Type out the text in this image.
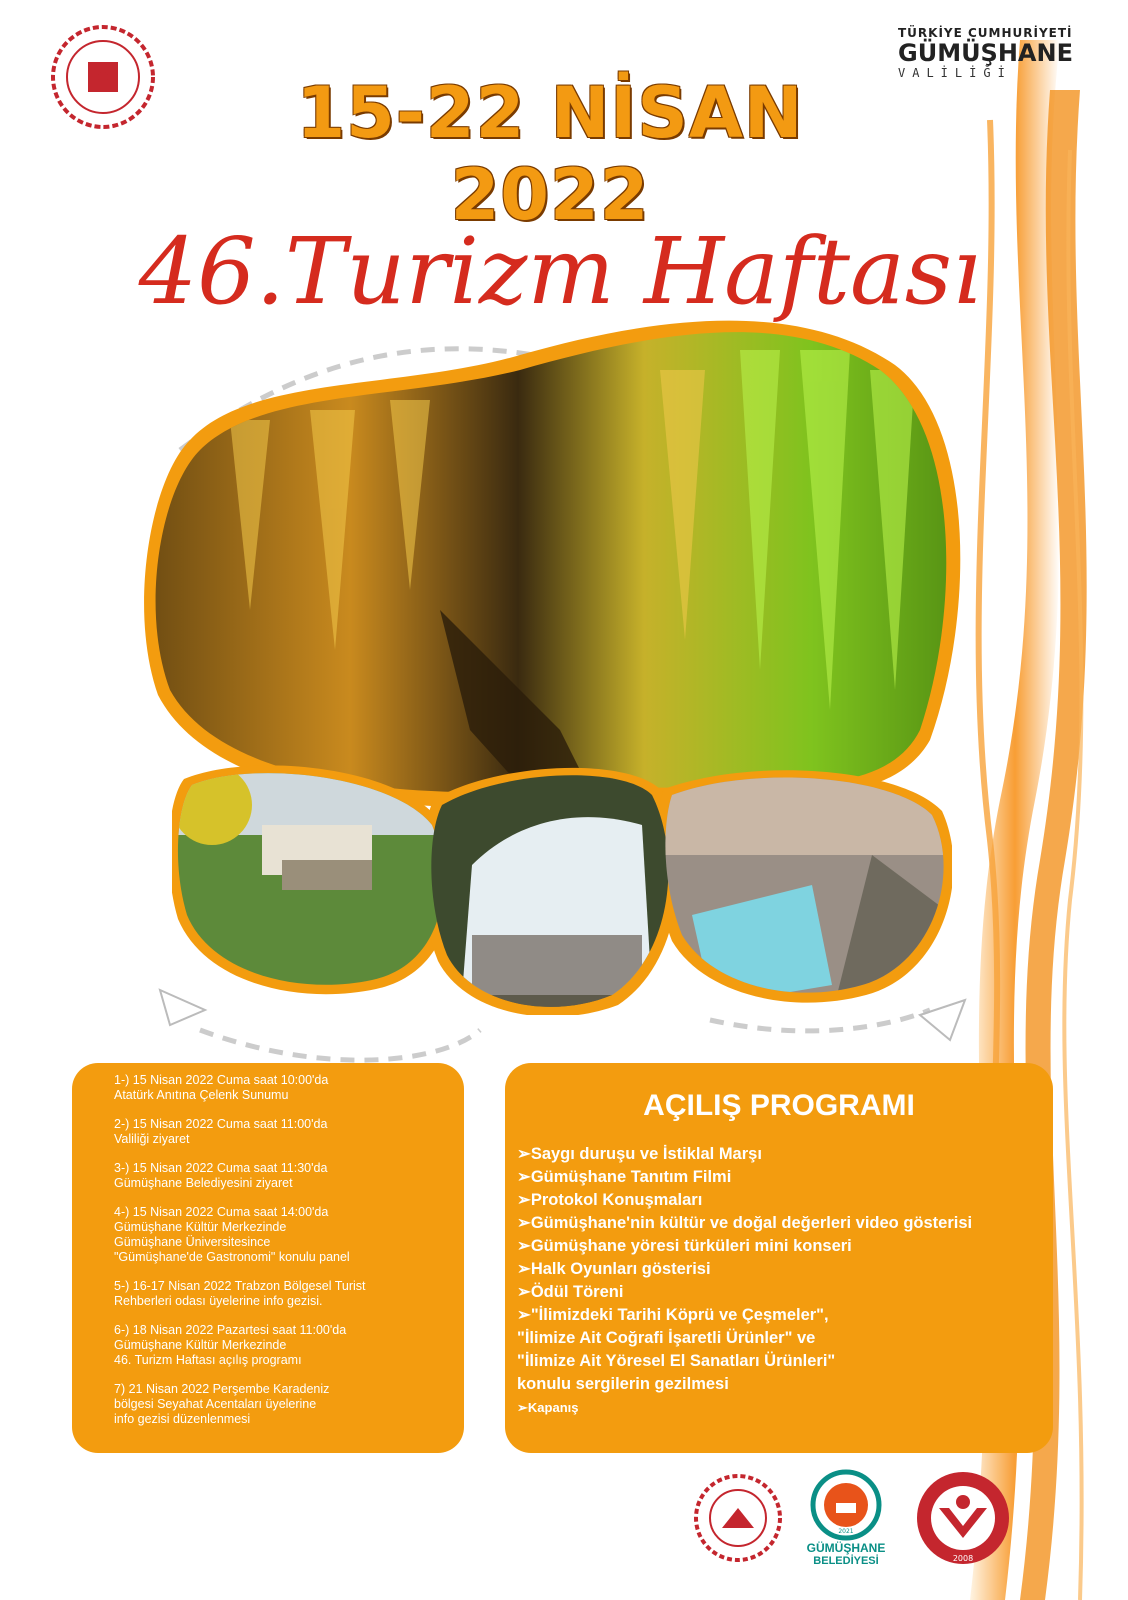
TÜRKİYE CUMHURİYETİ
GÜMÜŞHANE
VALİLİĞİ
15-22 NİSAN 2022
46.Turizm Haftası
1-) 15 Nisan 2022 Cuma saat 10:00'da
Atatürk Anıtına Çelenk Sunumu
2-) 15 Nisan 2022 Cuma saat 11:00'da
Valiliği ziyaret
3-) 15 Nisan 2022 Cuma saat 11:30'da
Gümüşhane Belediyesini ziyaret
4-) 15 Nisan 2022 Cuma saat 14:00'da
Gümüşhane Kültür Merkezinde
Gümüşhane Üniversitesince
"Gümüşhane'de Gastronomi" konulu panel
5-) 16-17 Nisan 2022 Trabzon Bölgesel Turist
Rehberleri odası üyelerine info gezisi.
6-) 18 Nisan 2022 Pazartesi saat 11:00'da
Gümüşhane Kültür Merkezinde
46. Turizm Haftası açılış programı
7) 21 Nisan 2022 Perşembe Karadeniz
bölgesi Seyahat Acentaları üyelerine
info gezisi düzenlenmesi
AÇILIŞ PROGRAMI
➢Saygı duruşu ve İstiklal Marşı
➢Gümüşhane Tanıtım Filmi
➢Protokol Konuşmaları
➢Gümüşhane'nin kültür ve doğal değerleri video gösterisi
➢Gümüşhane yöresi türküleri mini konseri
➢Halk Oyunları gösterisi
➢Ödül Töreni
➢"İlimizdeki Tarihi Köprü ve Çeşmeler",
"İlimize Ait Coğrafi İşaretli Ürünler" ve
"İlimize Ait Yöresel El Sanatları Ürünleri"
konulu sergilerin gezilmesi
➢Kapanış
2021
GÜMÜŞHANE
BELEDİYESİ	2008
